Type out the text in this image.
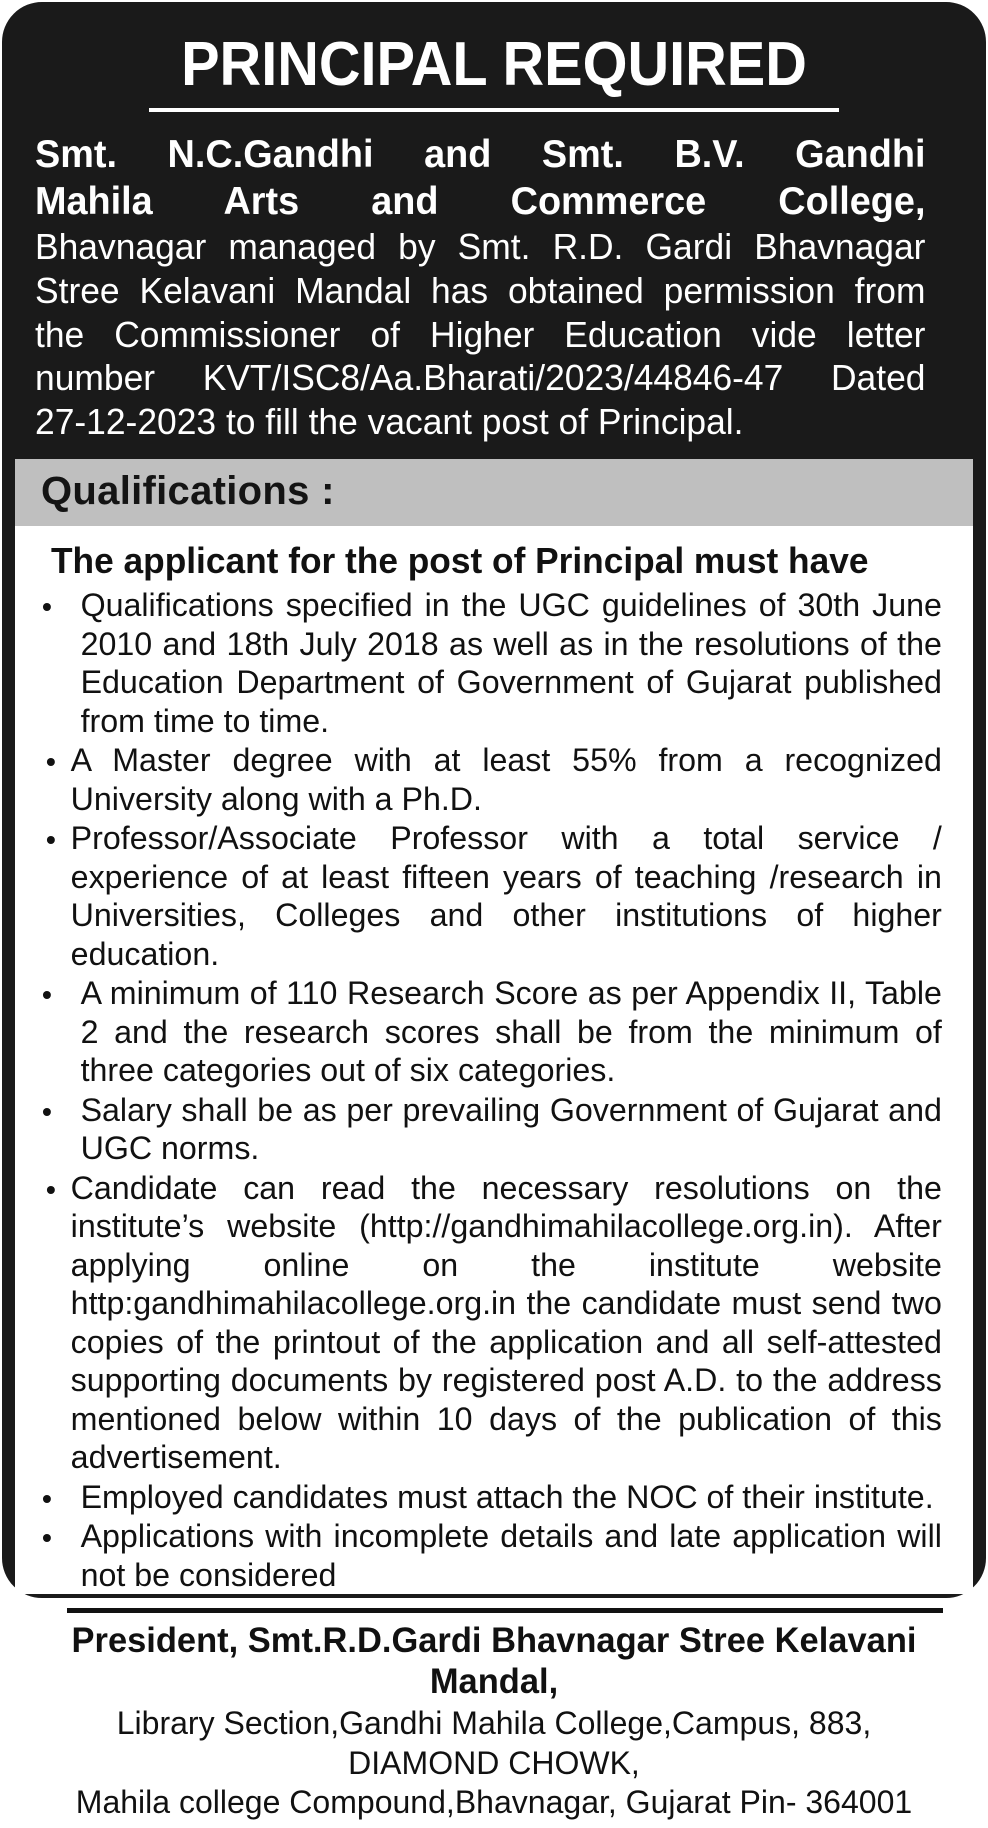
PRINCIPAL REQUIRED
Smt. N.C.Gandhi and Smt. B.V. Gandhi
Mahila Arts and Commerce College,
Bhavnagar managed by Smt. R.D. Gardi Bhavnagar
Stree Kelavani Mandal has obtained permission from
the Commissioner of Higher Education vide letter
number KVT/ISC8/Aa.Bharati/2023/44846-47 Dated
27-12-2023 to fill the vacant post of Principal.
Qualifications :
The applicant for the post of Principal must have
Qualifications specified in the UGC guidelines of 30th June 2010 and 18th July 2018 as well as in the resolutions of the Education Department of Government of Gujarat published from time to time.
A Master degree with at least 55% from a recognized University along with a Ph.D.
Professor/Associate Professor with a total service / experience of at least fifteen years of teaching /research in Universities, Colleges and other institutions of higher education.
A minimum of 110 Research Score as per Appendix II, Table 2 and the research scores shall be from the minimum of three categories out of six categories.
Salary shall be as per prevailing Government of Gujarat and UGC norms.
Candidate can read the necessary resolutions on the institute’s website (http://gandhimahilacollege.org.in). After applying online on the institute website http:gandhimahilacollege.org.in the candidate must send two copies of the printout of the application and all self-attested supporting documents by registered post A.D. to the address mentioned below within 10 days of the publication of this advertisement.
Employed candidates must attach the NOC of their institute.
Applications with incomplete details and late application will not be considered
President, Smt.R.D.Gardi Bhavnagar Stree Kelavani Mandal,
Library Section,Gandhi Mahila College,Campus, 883, DIAMOND CHOWK,
Mahila college Compound,Bhavnagar, Gujarat Pin- 364001
